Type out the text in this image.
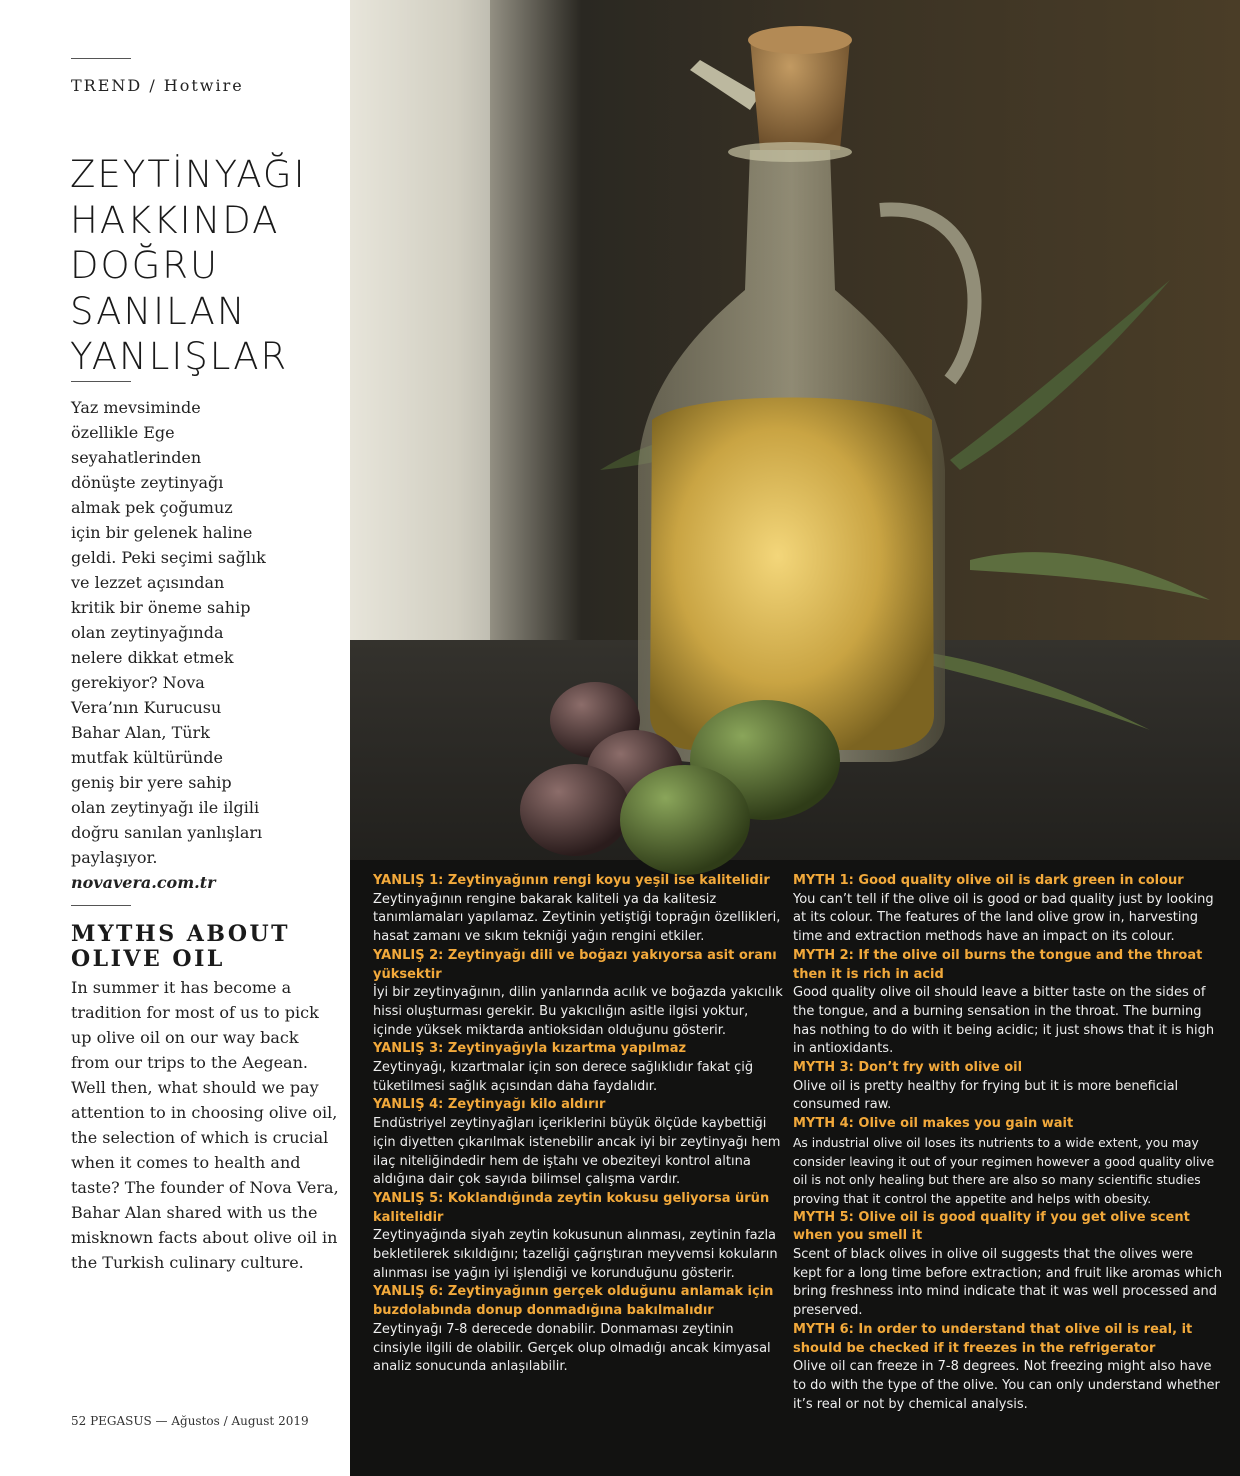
TREND / Hotwire
ZEYTİNYAĞI
HAKKINDA
DOĞRU
SANILAN
YANLIŞLAR
Yaz mevsiminde
özellikle Ege
seyahatlerinden
dönüşte zeytinyağı
almak pek çoğumuz
için bir gelenek haline
geldi. Peki seçimi sağlık
ve lezzet açısından
kritik bir öneme sahip
olan zeytinyağında
nelere dikkat etmek
gerekiyor? Nova
Vera’nın Kurucusu
Bahar Alan, Türk
mutfak kültüründe
geniş bir yere sahip
olan zeytinyağı ile ilgili
doğru sanılan yanlışları
paylaşıyor.
novavera.com.tr
MYTHS ABOUT
OLIVE OIL
In summer it has become a
tradition for most of us to pick
up olive oil on our way back
from our trips to the Aegean.
Well then, what should we pay
attention to in choosing olive oil,
the selection of which is crucial
when it comes to health and
taste? The founder of Nova Vera,
Bahar Alan shared with us the
misknown facts about olive oil in
the Turkish culinary culture.
52 PEGASUS — Ağustos / August 2019

YANLIŞ 1: Zeytinyağının rengi koyu yeşil ise kalitelidir

Zeytinyağının rengine bakarak kaliteli ya da kalitesiz tanımlamaları yapılamaz. Zeytinin yetiştiği toprağın özellikleri, hasat zamanı ve sıkım tekniği yağın rengini etkiler.

YANLIŞ 2: Zeytinyağı dili ve boğazı yakıyorsa asit oranı yüksektir

İyi bir zeytinyağının, dilin yanlarında acılık ve boğazda yakıcılık hissi oluşturması gerekir. Bu yakıcılığın asitle ilgisi yoktur, içinde yüksek miktarda antioksidan olduğunu gösterir.

YANLIŞ 3: Zeytinyağıyla kızartma yapılmaz

Zeytinyağı, kızartmalar için son derece sağlıklıdır fakat çiğ tüketilmesi sağlık açısından daha faydalıdır.

YANLIŞ 4: Zeytinyağı kilo aldırır

Endüstriyel zeytinyağları içeriklerini büyük ölçüde kaybettiği için diyetten çıkarılmak istenebilir ancak iyi bir zeytinyağı hem ilaç niteliğindedir hem de iştahı ve obeziteyi kontrol altına aldığına dair çok sayıda bilimsel çalışma vardır.

YANLIŞ 5: Koklandığında zeytin kokusu geliyorsa ürün kalitelidir

Zeytinyağında siyah zeytin kokusunun alınması, zeytinin fazla bekletilerek sıkıldığını; tazeliği çağrıştıran meyvemsi kokuların alınması ise yağın iyi işlendiği ve korunduğunu gösterir.

YANLIŞ 6: Zeytinyağının gerçek olduğunu anlamak için buzdolabında donup donmadığına bakılmalıdır

Zeytinyağı 7-8 derecede donabilir. Donmaması zeytinin cinsiyle ilgili de olabilir. Gerçek olup olmadığı ancak kimyasal analiz sonucunda anlaşılabilir.

MYTH 1: Good quality olive oil is dark green in colour

You can’t tell if the olive oil is good or bad quality just by looking at its colour. The features of the land olive grow in, harvesting time and extraction methods have an impact on its colour.

MYTH 2: If the olive oil burns the tongue and the throat then it is rich in acid

Good quality olive oil should leave a bitter taste on the sides of the tongue, and a burning sensation in the throat. The burning has nothing to do with it being acidic; it just shows that it is high in antioxidants.

MYTH 3: Don’t fry with olive oil

Olive oil is pretty healthy for frying but it is more beneficial consumed raw.

MYTH 4: Olive oil makes you gain wait

As industrial olive oil loses its nutrients to a wide extent, you may consider leaving it out of your regimen however a good quality olive oil is not only healing but there are also so many scientific studies proving that it control the appetite and helps with obesity.

MYTH 5: Olive oil is good quality if you get olive scent when you smell it

Scent of black olives in olive oil suggests that the olives were kept for a long time before extraction; and fruit like aromas which bring freshness into mind indicate that it was well processed and preserved.

MYTH 6: In order to understand that olive oil is real, it should be checked if it freezes in the refrigerator

Olive oil can freeze in 7-8 degrees. Not freezing might also have to do with the type of the olive. You can only understand whether it’s real or not by chemical analysis.
